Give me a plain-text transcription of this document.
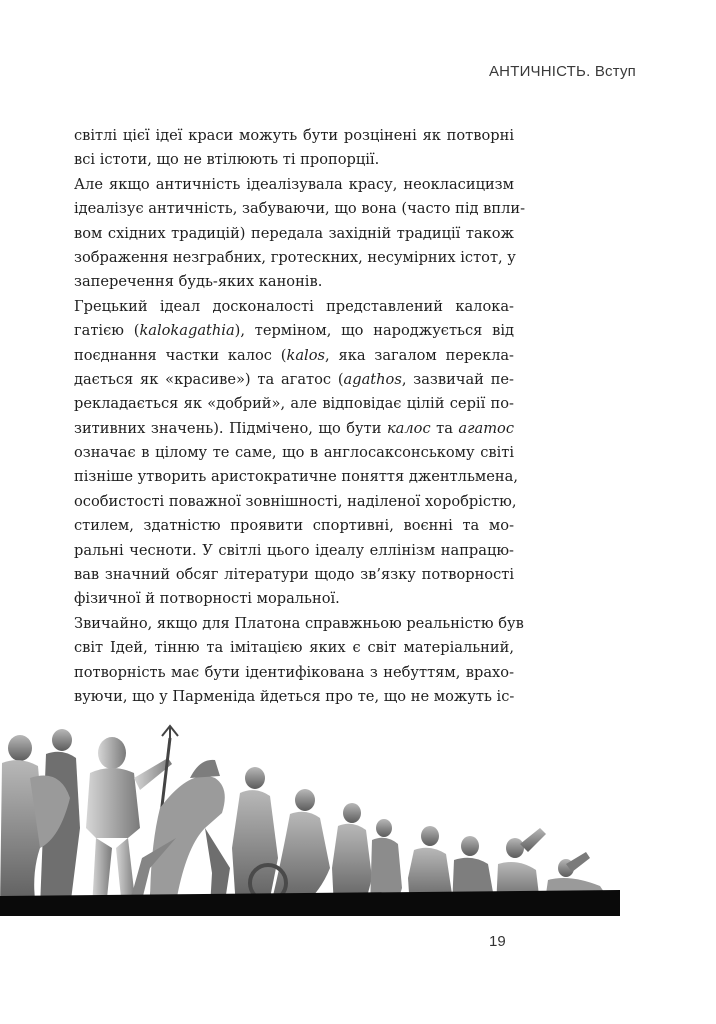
АНТИЧНІСТЬ. Вступ
світлі цієї ідеї краси можуть бути розцінені як потворні
всі істоти, що не втілюють ті пропорції.
Але якщо античність ідеалізувала красу, неокласицизм
ідеалізує античність, забуваючи, що вона (часто під впли-
вом східних традицій) передала західній традиції також
зображення незграбних, гротескних, несумірних істот, у
заперечення будь-яких канонів.
Грецький ідеал досконалості представлений калока-
гатією (kalokagathia), терміном, що народжується від
поєднання частки калос (kalos, яка загалом перекла-
дається як «красиве») та агатос (agathos, зазвичай пе-
рекладається як «добрий», але відповідає цілій серії по-
зитивних значень). Підмічено, що бути калос та агатос
означає в цілому те саме, що в англосаксонському світі
пізніше утворить аристократичне поняття джентльмена,
особистості поважної зовнішності, наділеної хоробрістю,
стилем, здатністю проявити спортивні, воєнні та мо-
ральні чесноти. У світлі цього ідеалу еллінізм напрацю-
вав значний обсяг літератури щодо зв’язку потворності
фізичної й потворності моральної.
Звичайно, якщо для Платона справжньою реальністю був
світ Ідей, тінню та імітацією яких є світ матеріальний,
потворність має бути ідентифікована з небуттям, врахо-
вуючи, що у Парменіда йдеться про те, що не можуть іс-
19
